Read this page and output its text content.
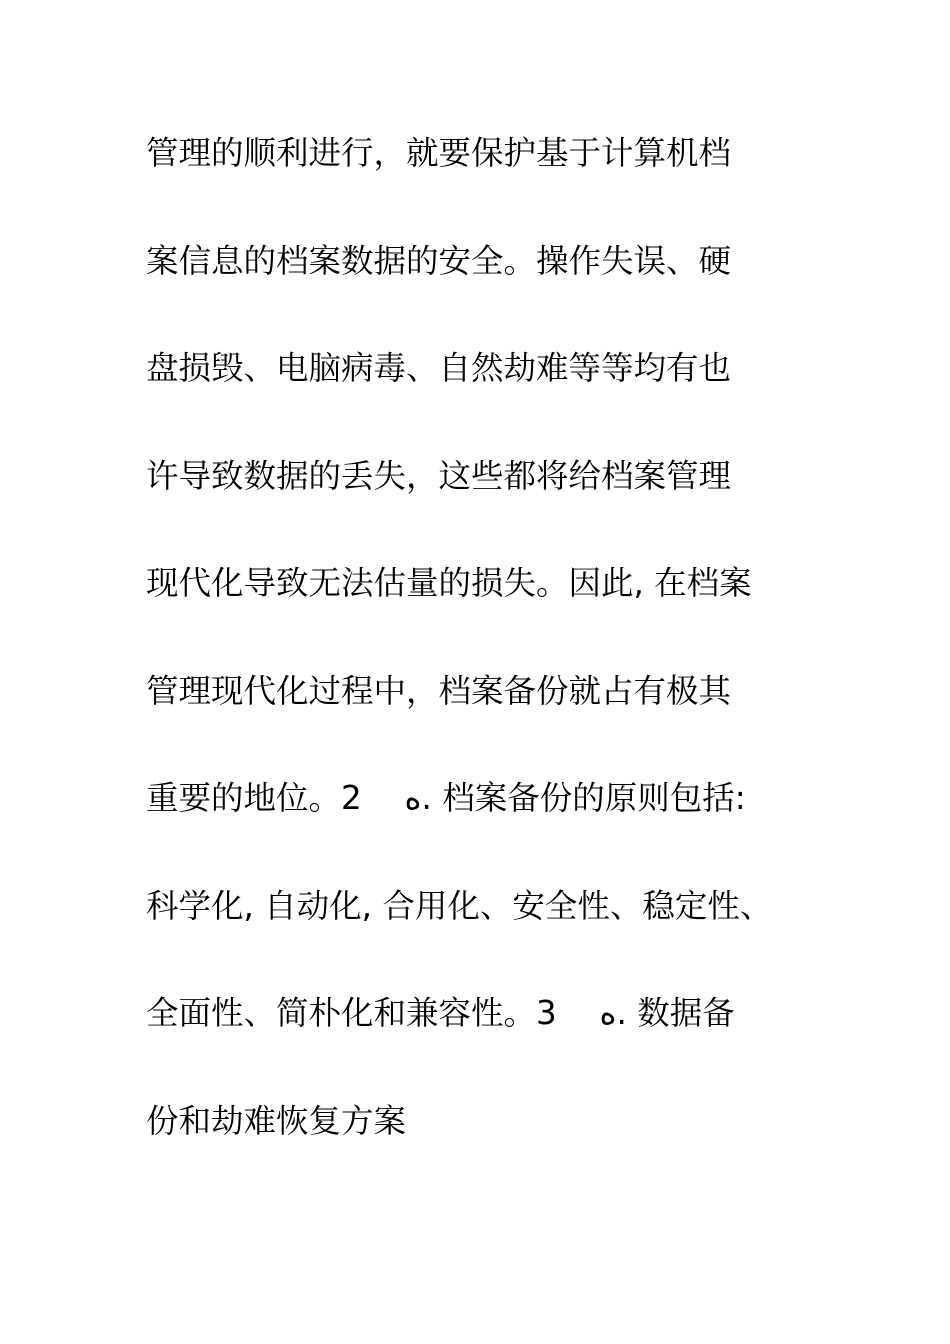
管理的顺利进行，就要保护基于计算机档
案信息的档案数据的安全。操作失误、硬
盘损毁、电脑病毒、自然劫难等等均有也
许导致数据的丢失，这些都将给档案管理
现代化导致无法估量的损失。因此, 在档案
管理现代化过程中，档案备份就占有极其
重要的地位。2　 ه. 档案备份的原则包括:
科学化, 自动化, 合用化、安全性、稳定性、
全面性、简朴化和兼容性。3　 ه. 数据备
份和劫难恢复方案
